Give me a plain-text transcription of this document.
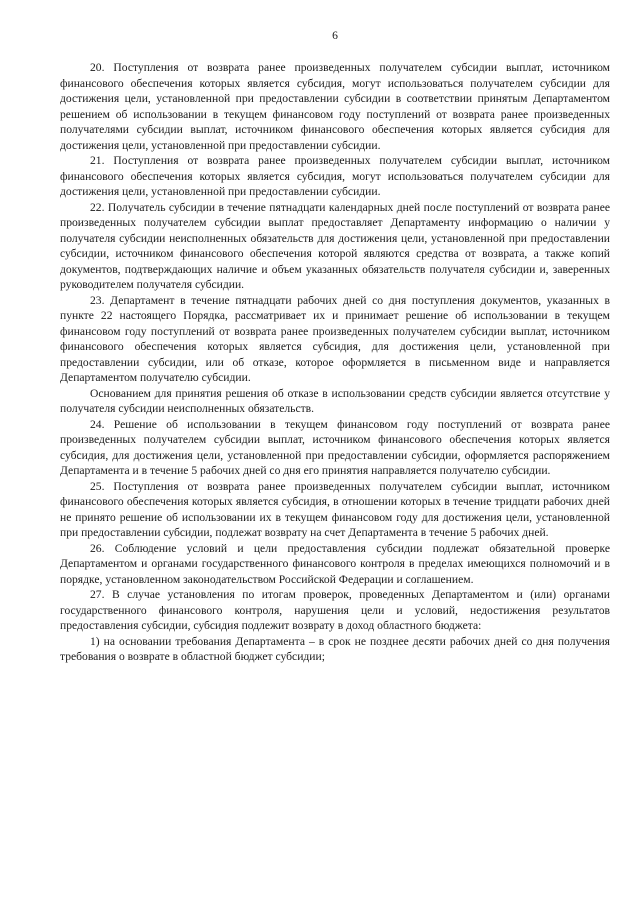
6

20. Поступления от возврата ранее произведенных получателем субсидии выплат, источником финансового обеспечения которых является субсидия, могут использоваться получателем субсидии для достижения цели, установленной при предоставлении субсидии в соответствии принятым Департаментом решением об использовании в текущем финансовом году поступлений от возврата ранее произведенных получателями субсидии выплат, источником финансового обеспечения которых является субсидия для достижения цели, установленной при предоставлении субсидии.

21. Поступления от возврата ранее произведенных получателем субсидии выплат, источником финансового обеспечения которых является субсидия, могут использоваться получателем субсидии для достижения цели, установленной при предоставлении субсидии.

22. Получатель субсидии в течение пятнадцати календарных дней после поступлений от возврата ранее произведенных получателем субсидии выплат предоставляет Департаменту информацию о наличии у получателя субсидии неисполненных обязательств для достижения цели, установленной при предоставлении субсидии, источником финансового обеспечения которой являются средства от возврата, а также копий документов, подтверждающих наличие и объем указанных обязательств получателя субсидии и, заверенных руководителем получателя субсидии.

23. Департамент в течение пятнадцати рабочих дней со дня поступления документов, указанных в пункте 22 настоящего Порядка, рассматривает их и принимает решение об использовании в текущем финансовом году поступлений от возврата ранее произведенных получателем субсидии выплат, источником финансового обеспечения которых является субсидия, для достижения цели, установленной при предоставлении субсидии, или об отказе, которое оформляется в письменном виде и направляется Департаментом получателю субсидии.

Основанием для принятия решения об отказе в использовании средств субсидии является отсутствие у получателя субсидии неисполненных обязательств.

24. Решение об использовании в текущем финансовом году поступлений от возврата ранее произведенных получателем субсидии выплат, источником финансового обеспечения которых является субсидия, для достижения цели, установленной при предоставлении субсидии, оформляется распоряжением Департамента и в течение 5 рабочих дней со дня его принятия направляется получателю субсидии.

25. Поступления от возврата ранее произведенных получателем субсидии выплат, источником финансового обеспечения которых является субсидия, в отношении которых в течение тридцати рабочих дней не принято решение об использовании их в текущем финансовом году для достижения цели, установленной при предоставлении субсидии, подлежат возврату на счет Департамента в течение 5 рабочих дней.

26. Соблюдение условий и цели предоставления субсидии подлежат обязательной проверке Департаментом и органами государственного финансового контроля в пределах имеющихся полномочий и в порядке, установленном законодательством Российской Федерации и соглашением.

27. В случае установления по итогам проверок, проведенных Департаментом и (или) органами государственного финансового контроля, нарушения цели и условий, недостижения результатов предоставления субсидии, субсидия подлежит возврату в доход областного бюджета:

1) на основании требования Департамента – в срок не позднее десяти рабочих дней со дня получения требования о возврате в областной бюджет субсидии;
